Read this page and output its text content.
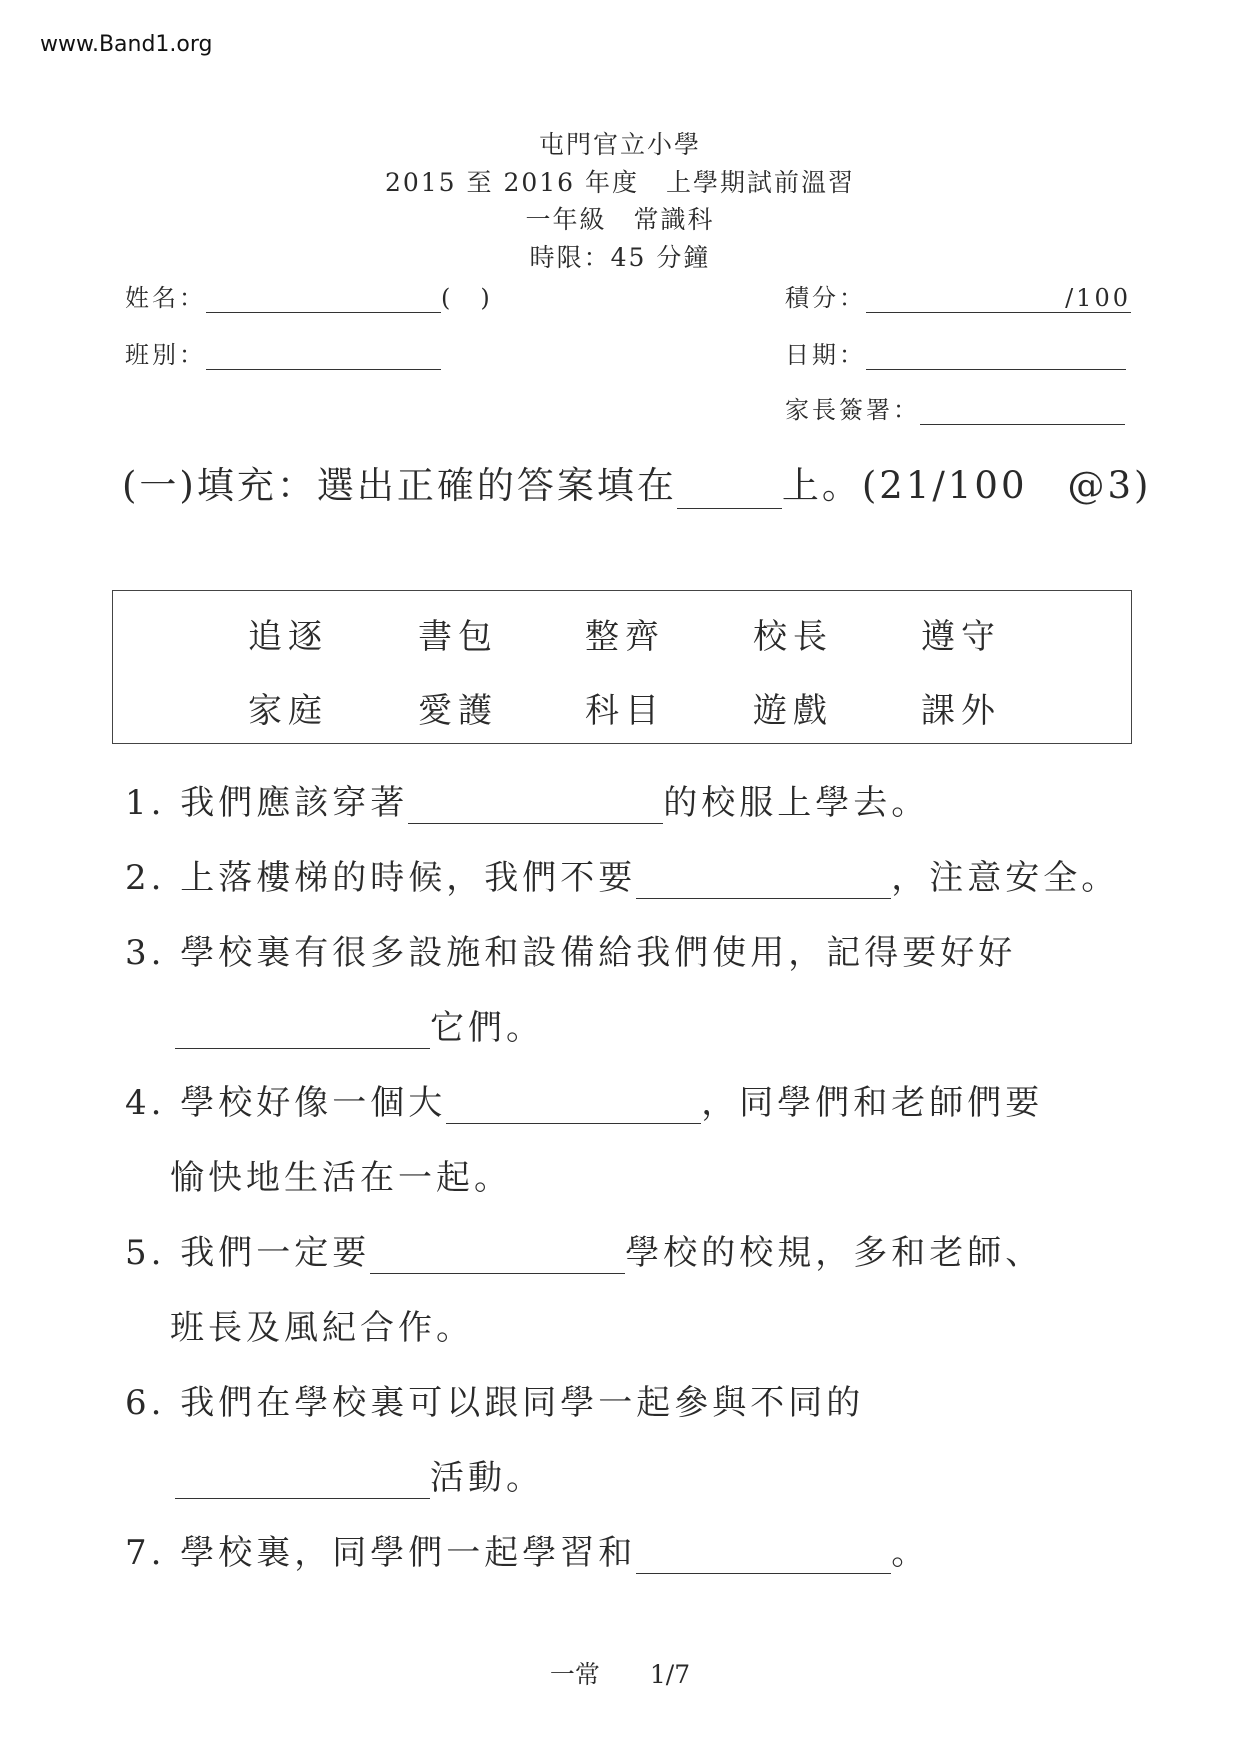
www.Band1.org
屯門官立小學
2015 至 2016 年度　上學期試前溫習
一年級　常識科
時限：45 分鐘
姓名：	(　)
班別：
積分：	/100
日期：
家長簽署：
(一)填充：選出正確的答案填在	上。(21/100　@3)
追逐	書包	整齊	校長	遵守
家庭	愛護	科目	遊戲	課外
1. 我們應該穿著	的校服上學去。
2. 上落樓梯的時候，我們不要	，注意安全。
3. 學校裏有很多設施和設備給我們使用，記得要好好
它們。
4. 學校好像一個大	，同學們和老師們要
愉快地生活在一起。
5. 我們一定要	學校的校規，多和老師、
班長及風紀合作。
6. 我們在學校裏可以跟同學一起參與不同的
活動。
7. 學校裏，同學們一起學習和	。
一常　　1/7
